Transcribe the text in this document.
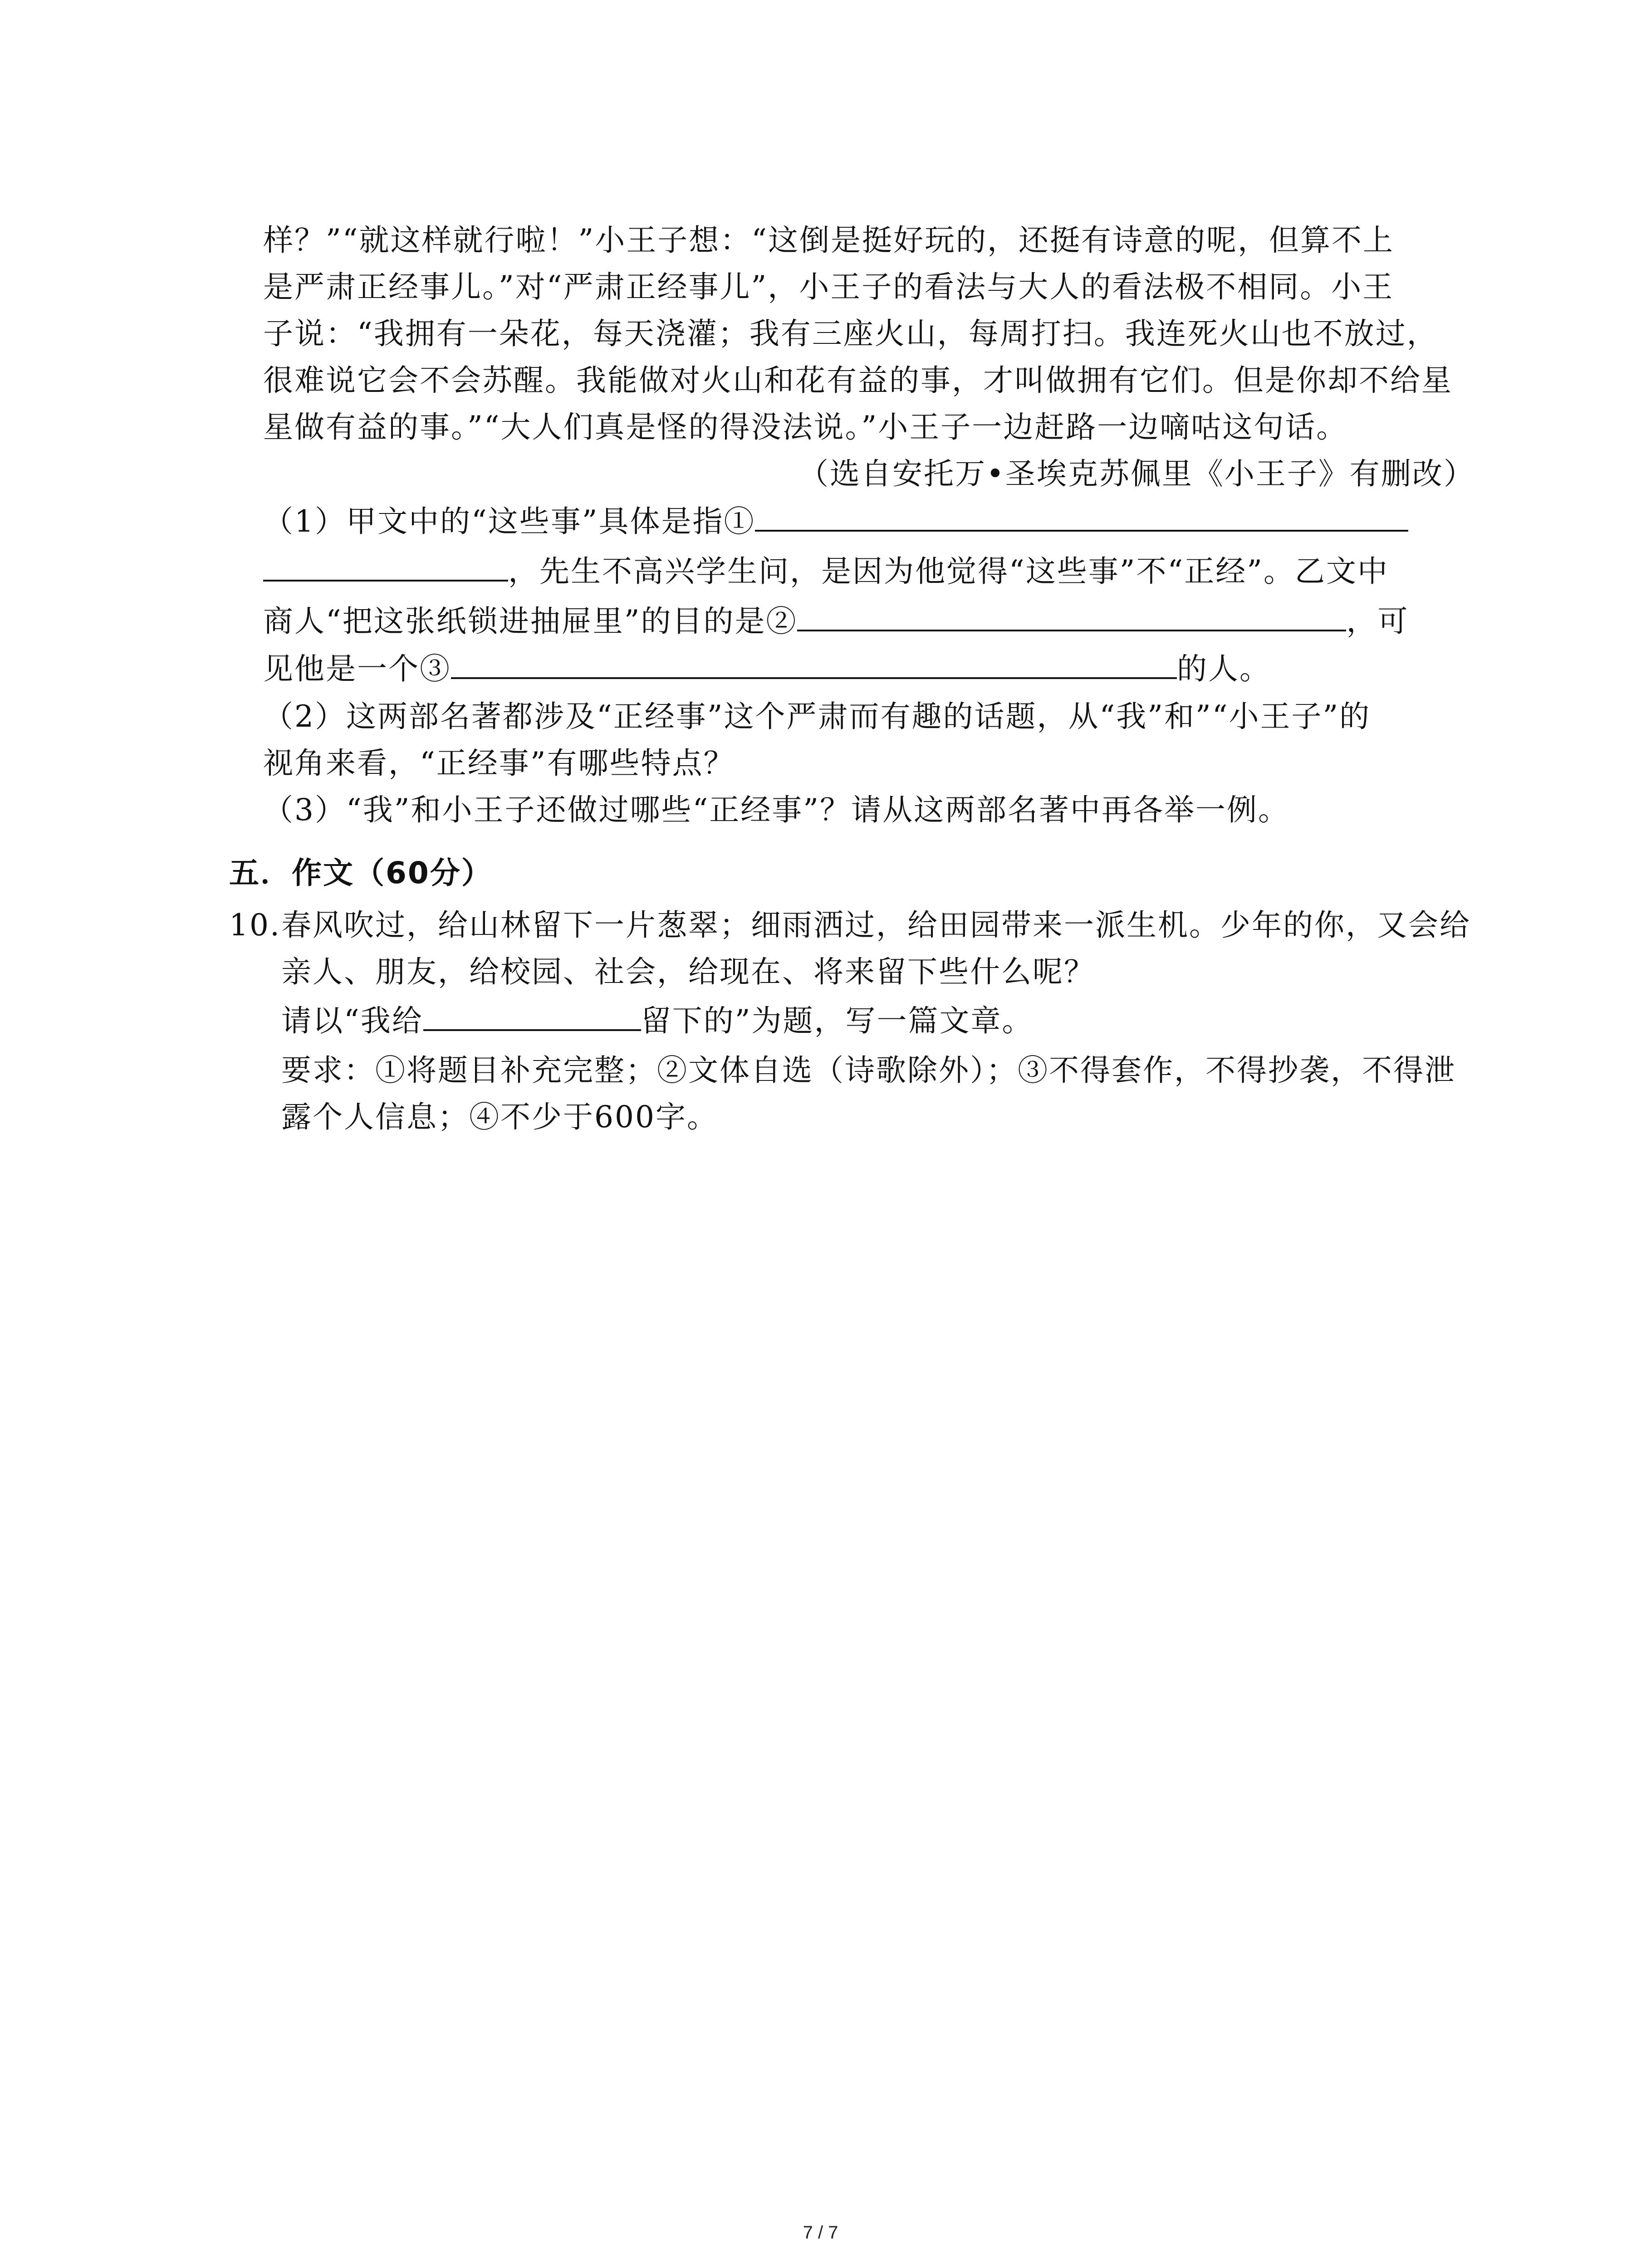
样？”“就这样就行啦！”小王子想：“这倒是挺好玩的，还挺有诗意的呢，但算不上
是严肃正经事儿。”对“严肃正经事儿”，小王子的看法与大人的看法极不相同。小王
子说：“我拥有一朵花，每天浇灌；我有三座火山，每周打扫。我连死火山也不放过，
很难说它会不会苏醒。我能做对火山和花有益的事，才叫做拥有它们。但是你却不给星
星做有益的事。”“大人们真是怪的得没法说。”小王子一边赶路一边嘀咕这句话。
（选自安托万•圣埃克苏佩里《小王子》有删改）
（1）甲文中的“这些事”具体是指①
，先生不高兴学生问，是因为他觉得“这些事”不“正经”。乙文中
商人“把这张纸锁进抽屉里”的目的是②	，可
见他是一个③	的人。
（2）这两部名著都涉及“正经事”这个严肃而有趣的话题，从“我”和”“小王子”的
视角来看，“正经事”有哪些特点？
（3）“我”和小王子还做过哪些“正经事”？请从这两部名著中再各举一例。
五．作文（60分）
10. 春风吹过，给山林留下一片葱翠；细雨洒过，给田园带来一派生机。少年的你，又会给
亲人、朋友，给校园、社会，给现在、将来留下些什么呢？
请以“我给	留下的”为题，写一篇文章。
要求：①将题目补充完整；②文体自选（诗歌除外）；③不得套作，不得抄袭，不得泄
露个人信息；④不少于600字。
7 / 7
